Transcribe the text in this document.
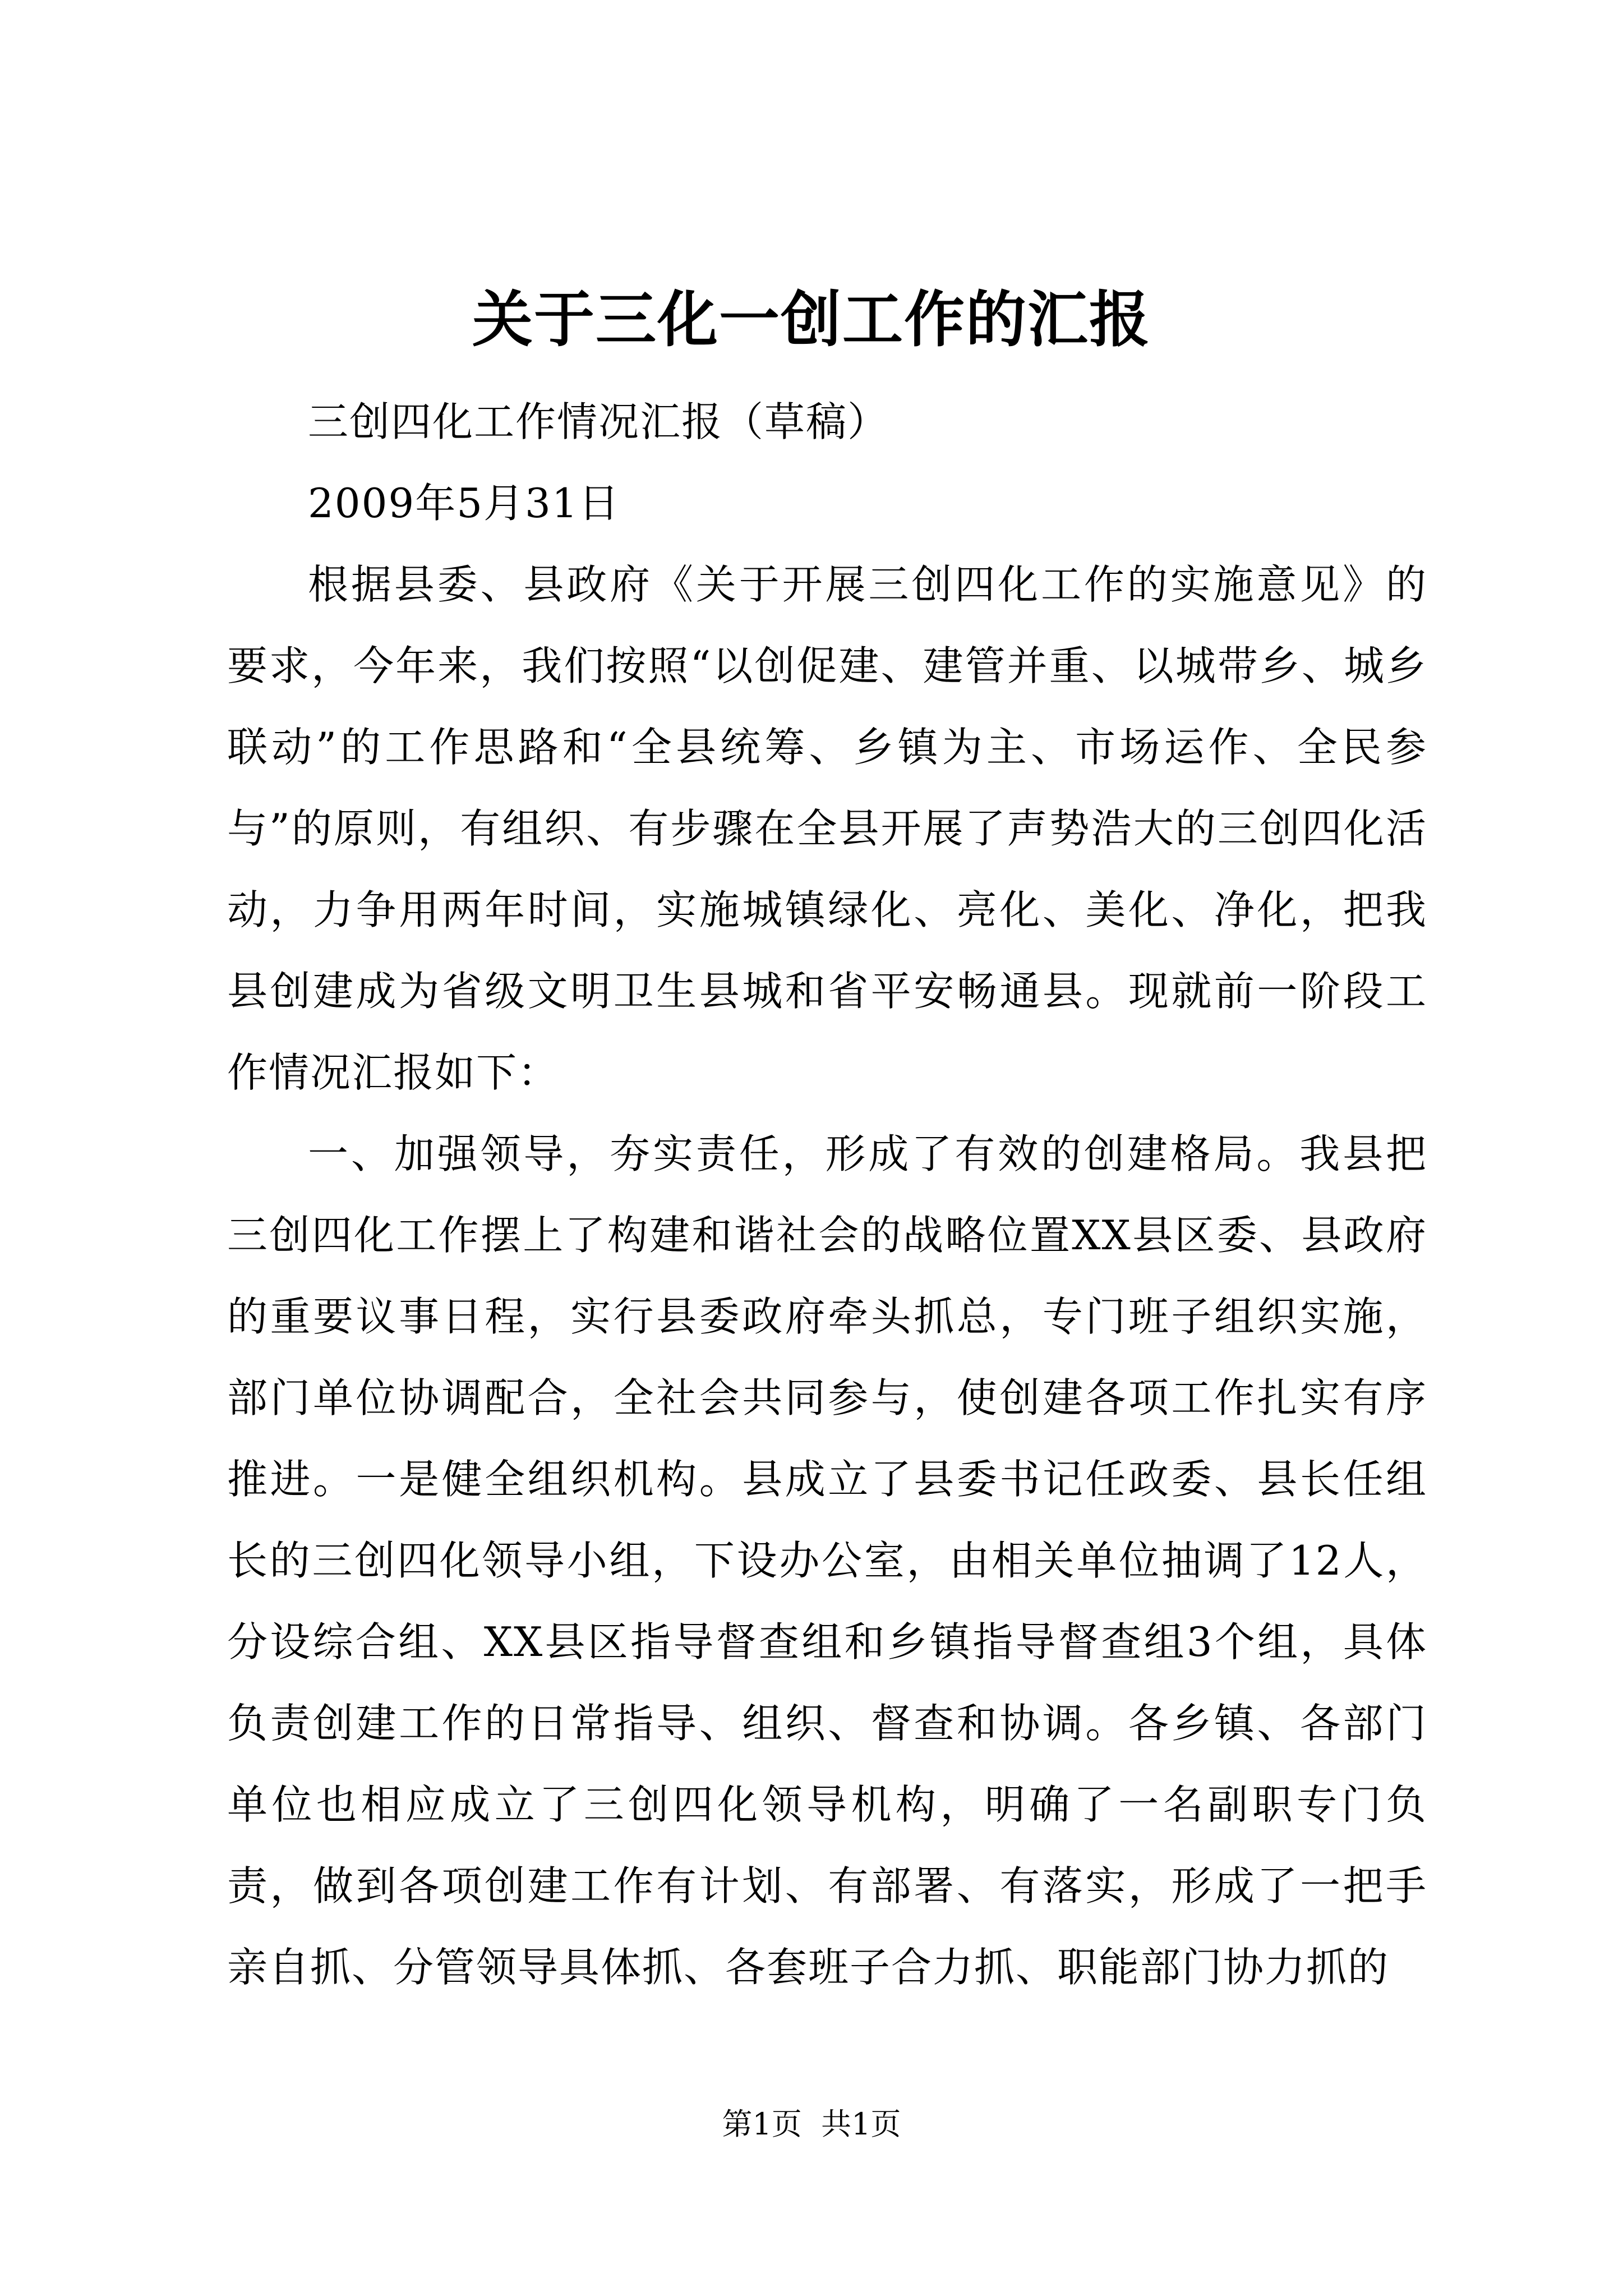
关于三化一创工作的汇报

三创四化工作情况汇报（草稿）

2009年5月31日

根据县委、县政府《关于开展三创四化工作的实施意见》的要求，今年来，我们按照“以创促建、建管并重、以城带乡、城乡联动”的工作思路和“全县统筹、乡镇为主、市场运作、全民参与”的原则，有组织、有步骤在全县开展了声势浩大的三创四化活动，力争用两年时间，实施城镇绿化、亮化、美化、净化，把我县创建成为省级文明卫生县城和省平安畅通县。现就前一阶段工作情况汇报如下：

一、加强领导，夯实责任，形成了有效的创建格局。我县把三创四化工作摆上了构建和谐社会的战略位置XX县区委、县政府的重要议事日程，实行县委政府牵头抓总，专门班子组织实施，部门单位协调配合，全社会共同参与，使创建各项工作扎实有序推进。一是健全组织机构。县成立了县委书记任政委、县长任组长的三创四化领导小组，下设办公室，由相关单位抽调了12人，分设综合组、XX县区指导督查组和乡镇指导督查组3个组，具体负责创建工作的日常指导、组织、督查和协调。各乡镇、各部门单位也相应成立了三创四化领导机构，明确了一名副职专门负责，做到各项创建工作有计划、有部署、有落实，形成了一把手亲自抓、分管领导具体抓、各套班子合力抓、职能部门协力抓的

第1页 共1页
